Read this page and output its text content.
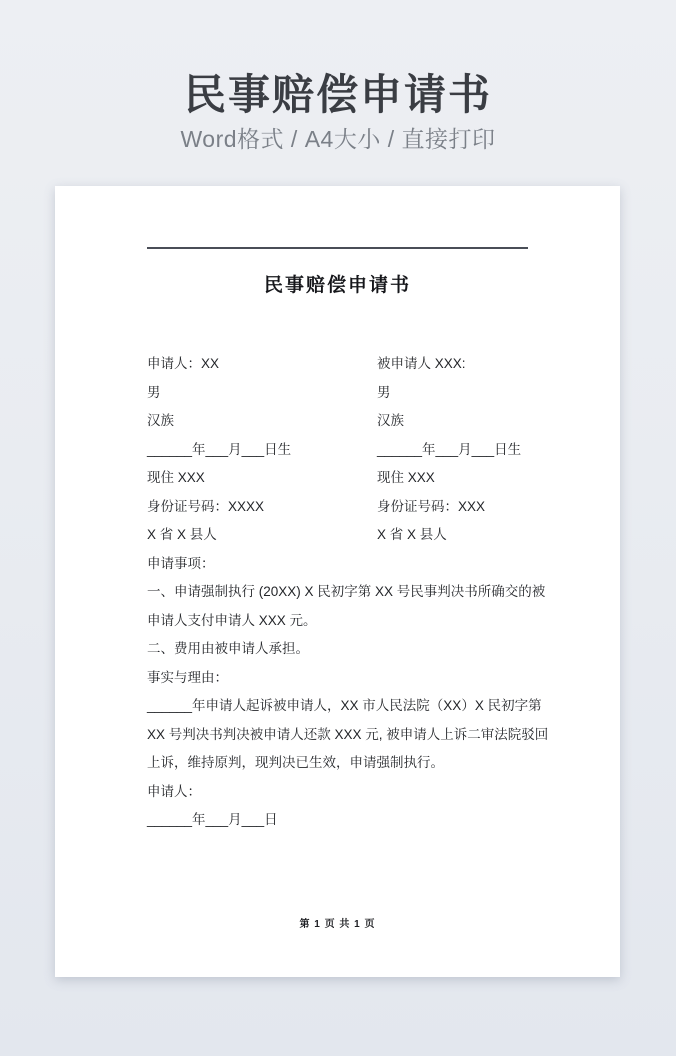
民事赔偿申请书
Word格式 / A4大小 / 直接打印
民事赔偿申请书
申请人：XX	被申请人 XXX:
男	男
汉族	汉族
______年___月___日生	______年___月___日生
现住 XXX	现住 XXX
身份证号码：XXXX	身份证号码：XXX
X 省 X 县人	X 省 X 县人
申请事项：
一、申请强制执行 (20XX) X 民初字第 XX 号民事判决书所确交的被
申请人支付申请人 XXX 元。
二、费用由被申请人承担。
事实与理由：
______年申请人起诉被申请人，XX 市人民法院（XX）X 民初字第
XX 号判决书判决被申请人还款 XXX 元, 被申请人上诉二审法院驳回
上诉，维持原判，现判决已生效，申请强制执行。
申请人：
______年___月___日
第 1 页 共 1 页
